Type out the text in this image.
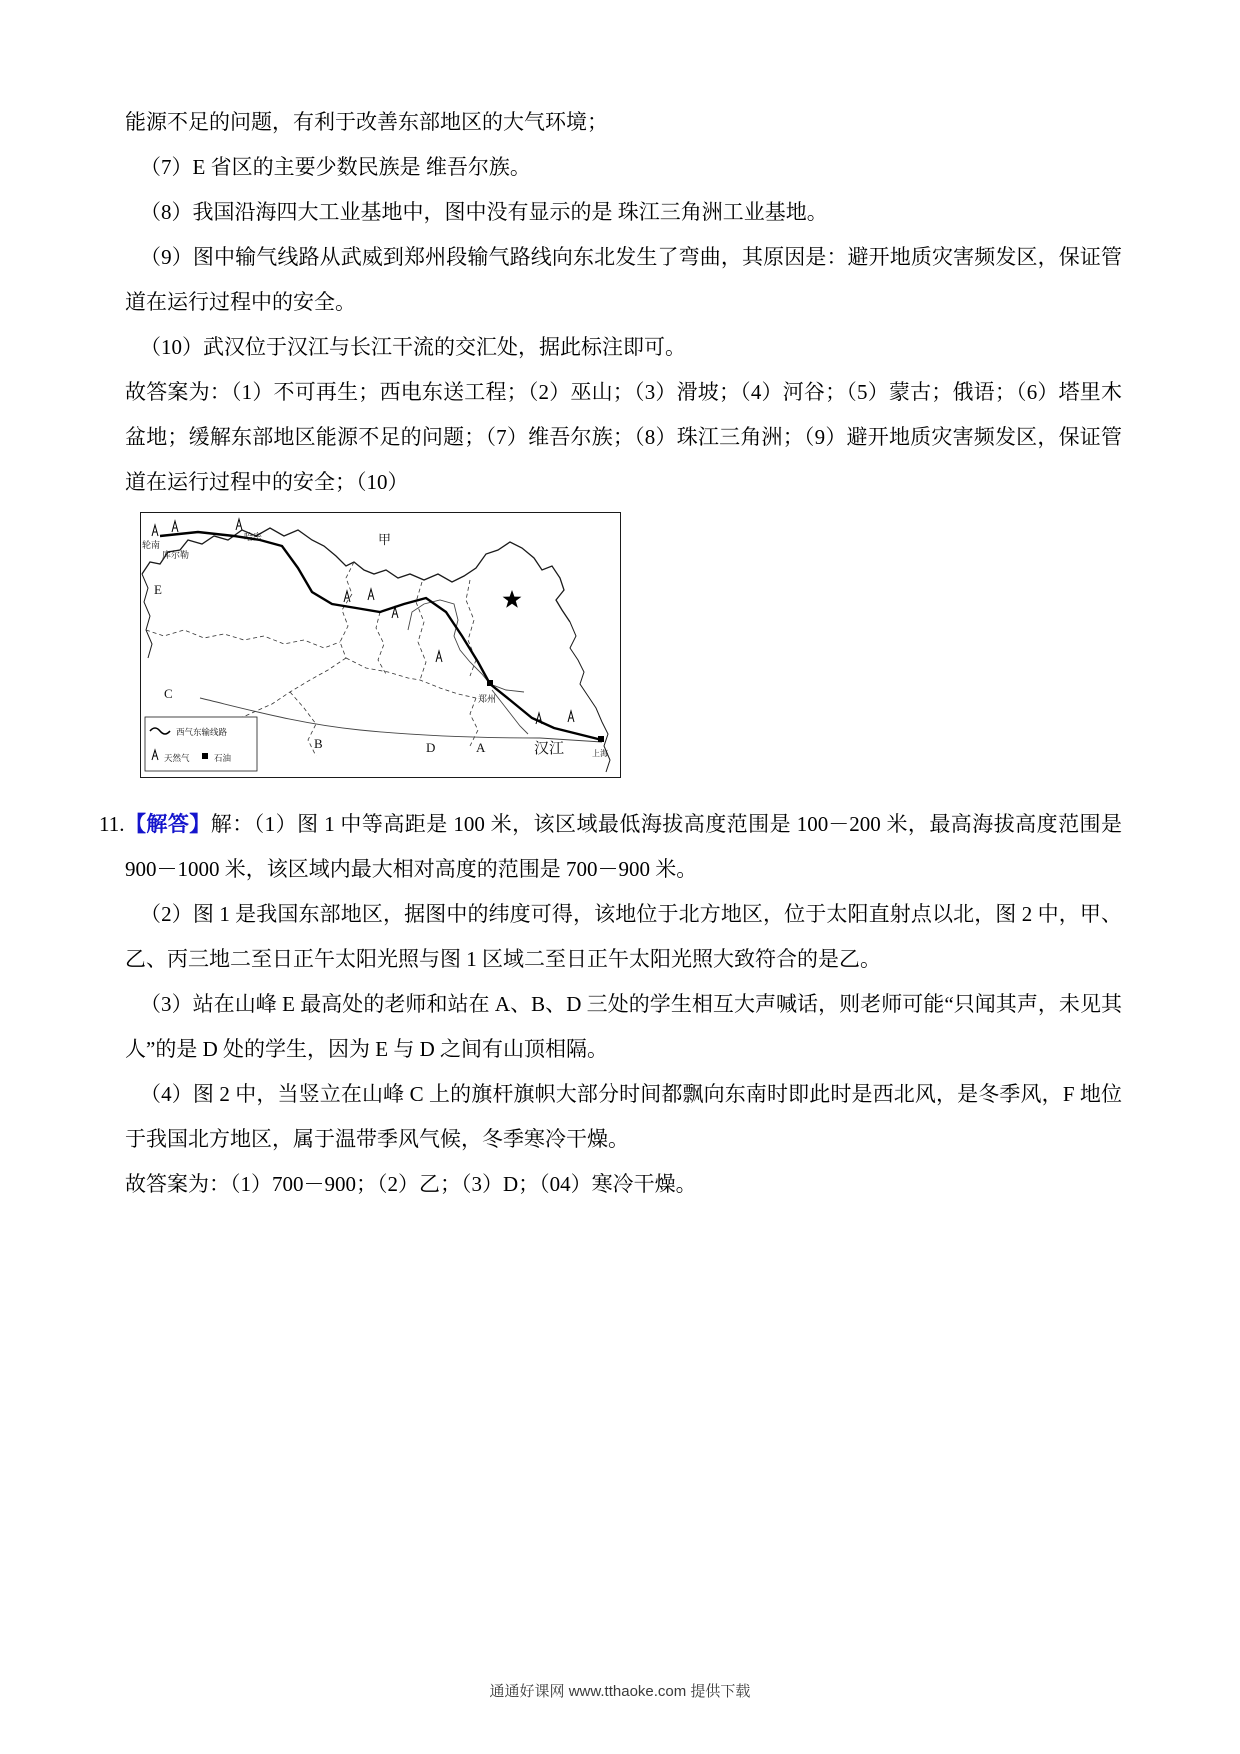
能源不足的问题，有利于改善东部地区的大气环境；

（7）E 省区的主要少数民族是 维吾尔族。

（8）我国沿海四大工业基地中，图中没有显示的是 珠江三角洲工业基地。

（9）图中输气线路从武威到郑州段输气路线向东北发生了弯曲，其原因是：避开地质灾害频发区，保证管道在运行过程中的安全。

（10）武汉位于汉江与长江干流的交汇处，据此标注即可。

故答案为：（1）不可再生；西电东送工程；（2）巫山；（3）滑坡；（4）河谷；（5）蒙古；俄语；（6）塔里木盆地；缓解东部地区能源不足的问题；（7）维吾尔族；（8）珠江三角洲；（9）避开地质灾害频发区，保证管道在运行过程中的安全；（10）

轮南
库尔勒
哈密	甲
E
C
B	D	A
郑州
汉江	上海
西气东输线路
天然气	石油

11.【解答】解：（1）图 1 中等高距是 100 米，该区域最低海拔高度范围是 100－200 米，最高海拔高度范围是 900－1000 米，该区域内最大相对高度的范围是 700－900 米。

（2）图 1 是我国东部地区，据图中的纬度可得，该地位于北方地区，位于太阳直射点以北，图 2 中，甲、乙、丙三地二至日正午太阳光照与图 1 区域二至日正午太阳光照大致符合的是乙。

（3）站在山峰 E 最高处的老师和站在 A、B、D 三处的学生相互大声喊话，则老师可能“只闻其声，未见其人”的是 D 处的学生，因为 E 与 D 之间有山顶相隔。

（4）图 2 中，当竖立在山峰 C 上的旗杆旗帜大部分时间都飘向东南时即此时是西北风，是冬季风，F 地位于我国北方地区，属于温带季风气候，冬季寒冷干燥。

故答案为：（1）700－900；（2）乙；（3）D；（04）寒冷干燥。

通通好课网 www.tthaoke.com 提供下载
